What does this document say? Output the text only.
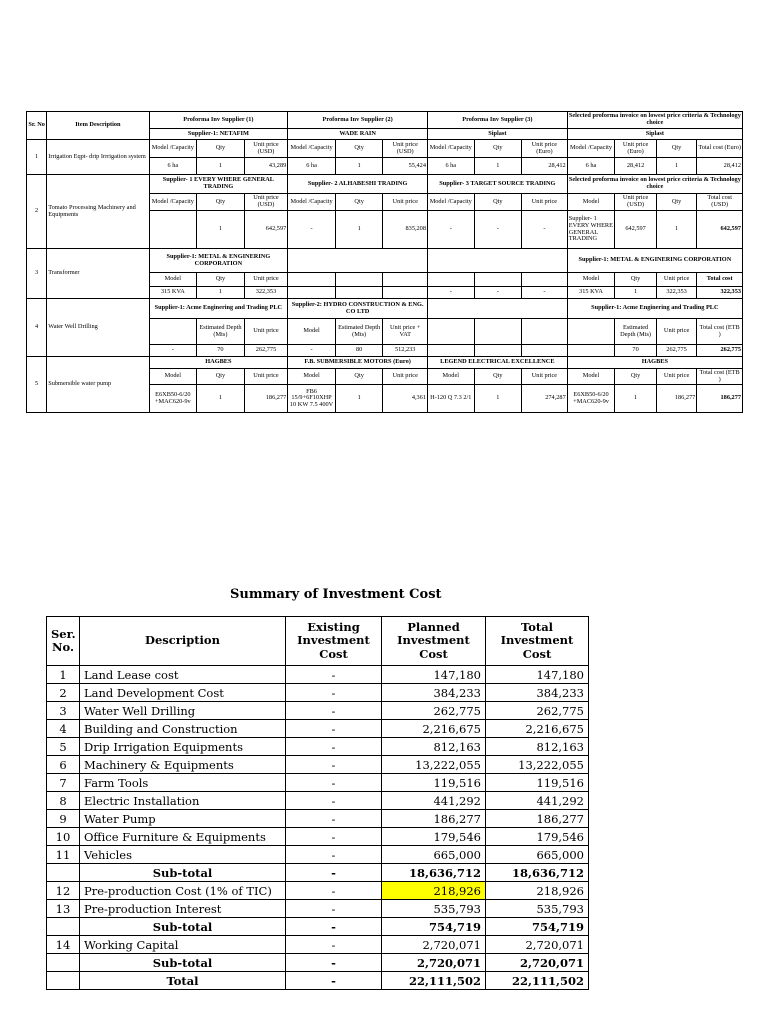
Sr. No	Item Description	Proforma Inv Supplier (1)			Proforma Inv Supplier (2)			Proforma Inv Supplier (3)			Selected proforma invoice on lowest price criteria & Technology choice			
		Supplier-1: NETAFIM			WADE RAIN			Siplast			Siplast			
1	Irrigation Eqpt- drip Irrrigation system	Model /Capacity	Qty	Unit price (USD)	Model /Capacity	Qty	Unit price (USD)	Model /Capacity	Qty	Unit price (Euro)	Model /Capacity	Unit price (Euro)	Qty	Total cost (Euro)
		6 ha	1	43,289	6 ha	1	55,424	6 ha	1	28,412	6 ha	28,412	1	28,412
2	Tomato Processing Machinery and Equipments	Supplier- 1 EVERY WHERE GENERAL TRADING			Supplier- 2 ALHABESHI TRADING			Supplier- 3 TARGET SOURCE TRADING			Selected proforma invoice on lowest price criteria & Technology choice			
		Model /Capacity	Qty	Unit price (USD)	Model /Capacity	Qty	Unit price	Model /Capacity	Qty	Unit price	Model	Unit price (USD)	Qty	Total cost (USD)
			1	642,597	-	1	835,208	-	-	-	Supplier- 1 EVERY WHERE GENERAL TRADING	642,597	1	642,597
3	Transformer	Supplier-1: METAL & ENGINERING CORPORATION									Supplier-1: METAL & ENGINERING CORPORATION			
		Model	Qty	Unit price							Model	Qty	Unit price	Total cost
		315 KVA	1	322,353				-	-	-	315 KVA	1	322,353	322,353
4	Water Well Drilling	Supplier-1: Acme Enginering and Trading PLC			Supplier-2: HYDRO CONSTRUCTION & ENG. CO LTD						Supplier-1: Acme Enginering and Trading PLC			
			Estimated Depth (Mts)	Unit price	Model	Estimated Depth (Mts)	Unit price + VAT					Estimated Depth (Mts)	Unit price	Total cost (ETB )
		-	70	262,775	-	80	512,233					70	262,775	262,775
5	Submersible water pump	HAGBES			F.B. SUBMERSIBLE MOTORS (Euro)			LEGEND ELECTRICAL EXCELLENCE			HAGBES			
		Model	Qty	Unit price	Model	Qty	Unit price	Model	Qty	Unit price	Model	Qty	Unit price	Total cost (ETB )
		E6XB50-6/20 +MAC620-9v	1	186,277	FB6 15/9+6F10XHP 10 KW 7.5 400V	1	4,361	H-120 Q 7.3 2/1	1	274,287	E6XB50-6/20 +MAC620-9v	1	186,277	186,277
Summary of Investment Cost
Ser. No.	Description	Existing Investment Cost	Planned Investment Cost	Total Investment Cost
1	Land Lease cost	-	147,180	147,180
2	Land Development Cost	-	384,233	384,233
3	Water Well Drilling	-	262,775	262,775
4	Building and Construction	-	2,216,675	2,216,675
5	Drip Irrigation Equipments	-	812,163	812,163
6	Machinery & Equipments	-	13,222,055	13,222,055
7	Farm Tools	-	119,516	119,516
8	Electric Installation	-	441,292	441,292
9	Water Pump	-	186,277	186,277
10	Office Furniture & Equipments	-	179,546	179,546
11	Vehicles	-	665,000	665,000
	Sub-total	-	18,636,712	18,636,712
12	Pre-production Cost (1% of TIC)	-	218,926	218,926
13	Pre-production Interest	-	535,793	535,793
	Sub-total	-	754,719	754,719
14	Working Capital	-	2,720,071	2,720,071
	Sub-total	-	2,720,071	2,720,071
	Total	-	22,111,502	22,111,502
